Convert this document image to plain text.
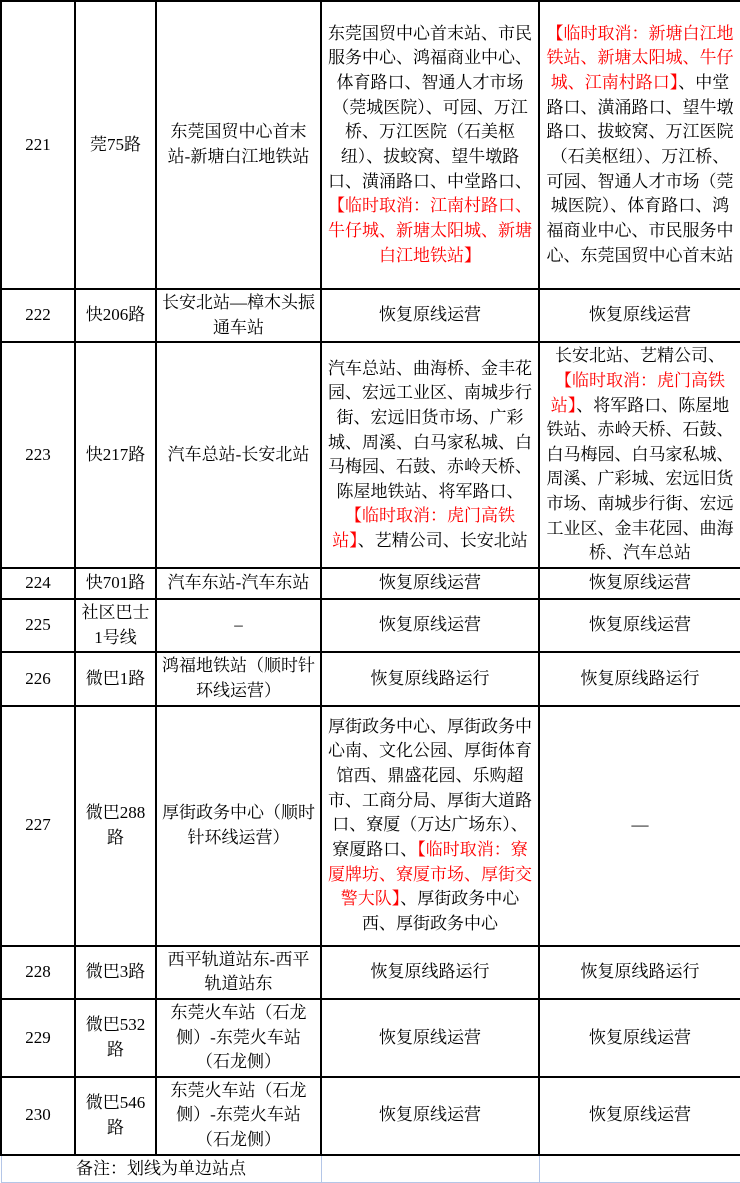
221	莞75路	东莞国贸中心首末站-新塘白江地铁站	东莞国贸中心首末站、市民服务中心、鸿福商业中心、体育路口、智通人才市场（莞城医院）、可园、万江桥、万江医院（石美枢纽）、拔蛟窝、望牛墩路口、潢涌路口、中堂路口、【临时取消：江南村路口、牛仔城、新塘太阳城、新塘白江地铁站】	【临时取消：新塘白江地铁站、新塘太阳城、牛仔城、江南村路口】、中堂路口、潢涌路口、望牛墩路口、拔蛟窝、万江医院（石美枢纽）、万江桥、可园、智通人才市场（莞城医院）、体育路口、鸿福商业中心、市民服务中心、东莞国贸中心首末站
222	快206路	长安北站—樟木头振通车站	恢复原线运营	恢复原线运营
223	快217路	汽车总站-长安北站	汽车总站、曲海桥、金丰花园、宏远工业区、南城步行街、宏远旧货市场、广彩城、周溪、白马家私城、白马梅园、石鼓、赤岭天桥、陈屋地铁站、将军路口、【临时取消：虎门高铁站】、艺精公司、长安北站	长安北站、艺精公司、【临时取消：虎门高铁站】、将军路口、陈屋地铁站、赤岭天桥、石鼓、白马梅园、白马家私城、周溪、广彩城、宏远旧货市场、南城步行街、宏远工业区、金丰花园、曲海桥、汽车总站
224	快701路	汽车东站-汽车东站	恢复原线运营	恢复原线运营
225	社区巴士1号线	–	恢复原线运营	恢复原线运营
226	微巴1路	鸿福地铁站（顺时针环线运营）	恢复原线路运行	恢复原线路运行
227	微巴288路	厚街政务中心（顺时针环线运营）	厚街政务中心、厚街政务中心南、文化公园、厚街体育馆西、鼎盛花园、乐购超市、工商分局、厚街大道路口、寮厦（万达广场东）、寮厦路口、【临时取消：寮厦牌坊、寮厦市场、厚街交警大队】、厚街政务中心西、厚街政务中心	—
228	微巴3路	西平轨道站东-西平轨道站东	恢复原线路运行	恢复原线路运行
229	微巴532路	东莞火车站（石龙侧）-东莞火车站（石龙侧）	恢复原线运营	恢复原线运营
230	微巴546路	东莞火车站（石龙侧）-东莞火车站（石龙侧）	恢复原线运营	恢复原线运营
备注：划线为单边站点				
